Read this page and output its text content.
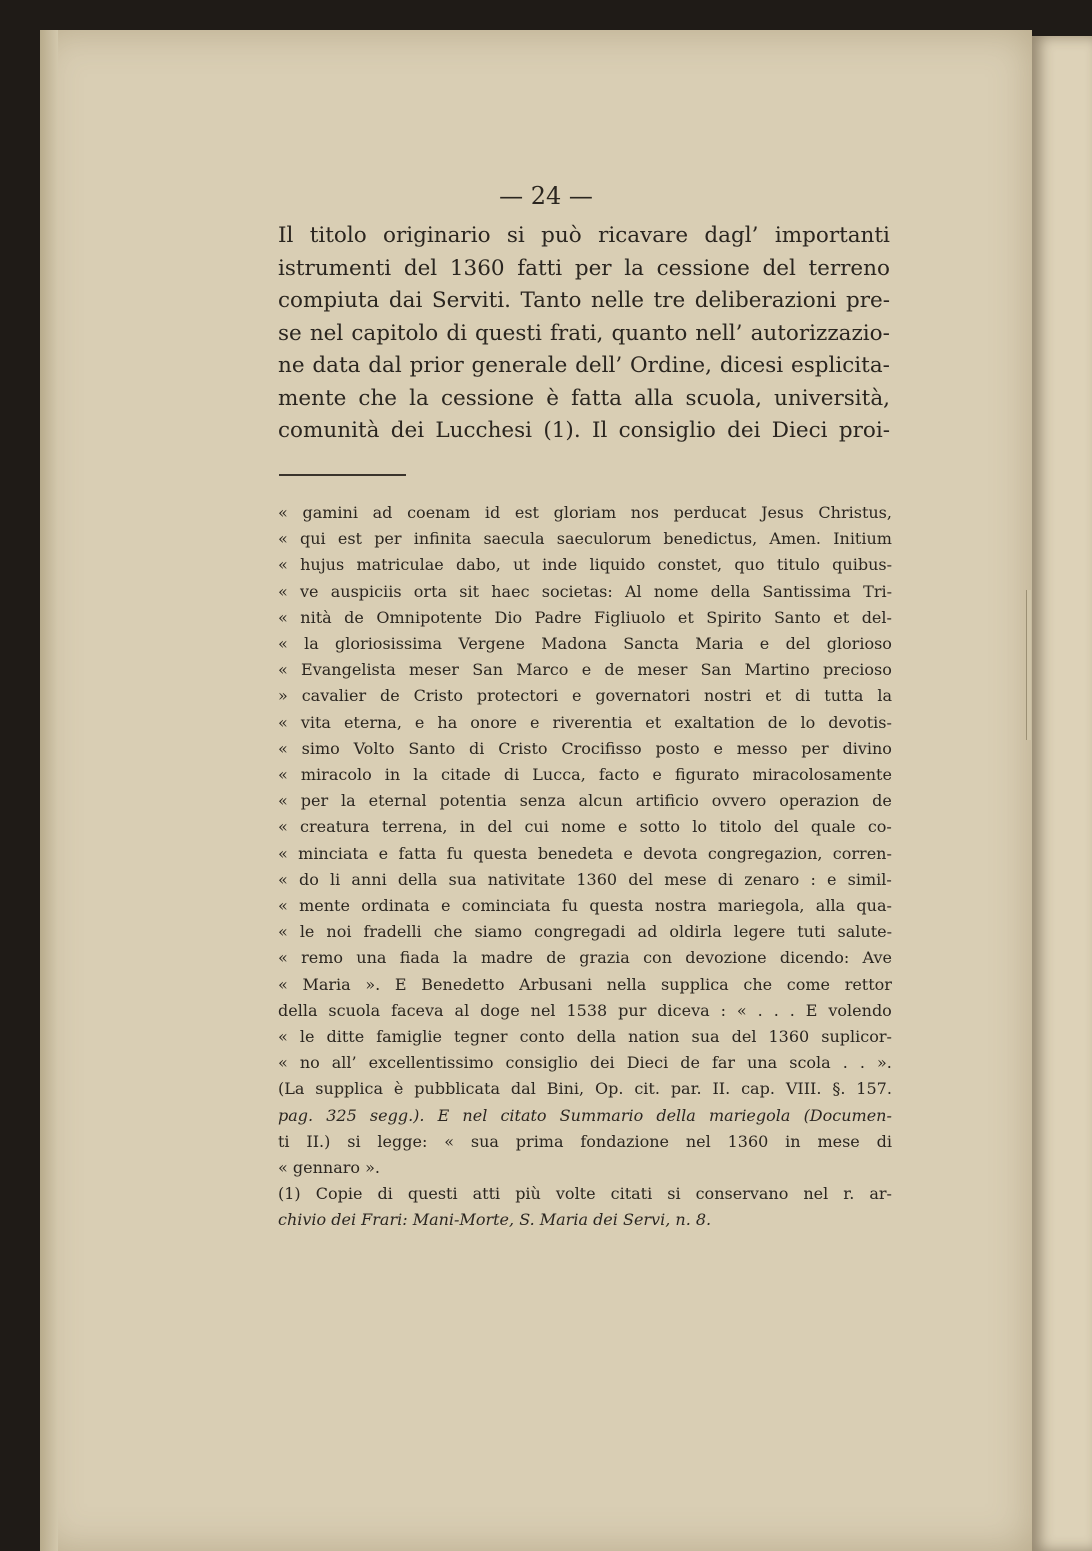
— 24 —
Il titolo originario si può ricavare dagl’ importanti
istrumenti del 1360 fatti per la cessione del terreno
compiuta dai Serviti. Tanto nelle tre deliberazioni pre-
se nel capitolo di questi frati, quanto nell’ autorizzazio-
ne data dal prior generale dell’ Ordine, dicesi esplicita-
mente che la cessione è fatta alla scuola, università,
comunità dei Lucchesi (1). Il consiglio dei Dieci proi-
« gamini ad coenam id est gloriam nos perducat Jesus Christus,
« qui est per infinita saecula saeculorum benedictus, Amen. Initium
« hujus matriculae dabo, ut inde liquido constet, quo titulo quibus-
« ve auspiciis orta sit haec societas: Al nome della Santissima Tri-
« nità de Omnipotente Dio Padre Figliuolo et Spirito Santo et del-
« la gloriosissima Vergene Madona Sancta Maria e del glorioso
« Evangelista meser San Marco e de meser San Martino precioso
» cavalier de Cristo protectori e governatori nostri et di tutta la
« vita eterna, e ha onore e riverentia et exaltation de lo devotis-
« simo Volto Santo di Cristo Crocifisso posto e messo per divino
« miracolo in la citade di Lucca, facto e figurato miracolosamente
« per la eternal potentia senza alcun artificio ovvero operazion de
« creatura terrena, in del cui nome e sotto lo titolo del quale co-
« minciata e fatta fu questa benedeta e devota congregazion, corren-
« do li anni della sua nativitate 1360 del mese di zenaro : e simil-
« mente ordinata e cominciata fu questa nostra mariegola, alla qua-
« le noi fradelli che siamo congregadi ad oldirla legere tuti salute-
« remo una fiada la madre de grazia con devozione dicendo: Ave
« Maria ». E Benedetto Arbusani nella supplica che come rettor
della scuola faceva al doge nel 1538 pur diceva : « . . . E volendo
« le ditte famiglie tegner conto della nation sua del 1360 suplicor-
« no all’ excellentissimo consiglio dei Dieci de far una scola . . ».
(La supplica è pubblicata dal Bini, Op. cit. par. II. cap. VIII. §. 157.
pag. 325 segg.). E nel citato Summario della mariegola (Documen-
ti II.) si legge: « sua prima fondazione nel 1360 in mese di
« gennaro ».
(1) Copie di questi atti più volte citati si conservano nel r. ar-
chivio dei Frari: Mani-Morte, S. Maria dei Servi, n. 8.
